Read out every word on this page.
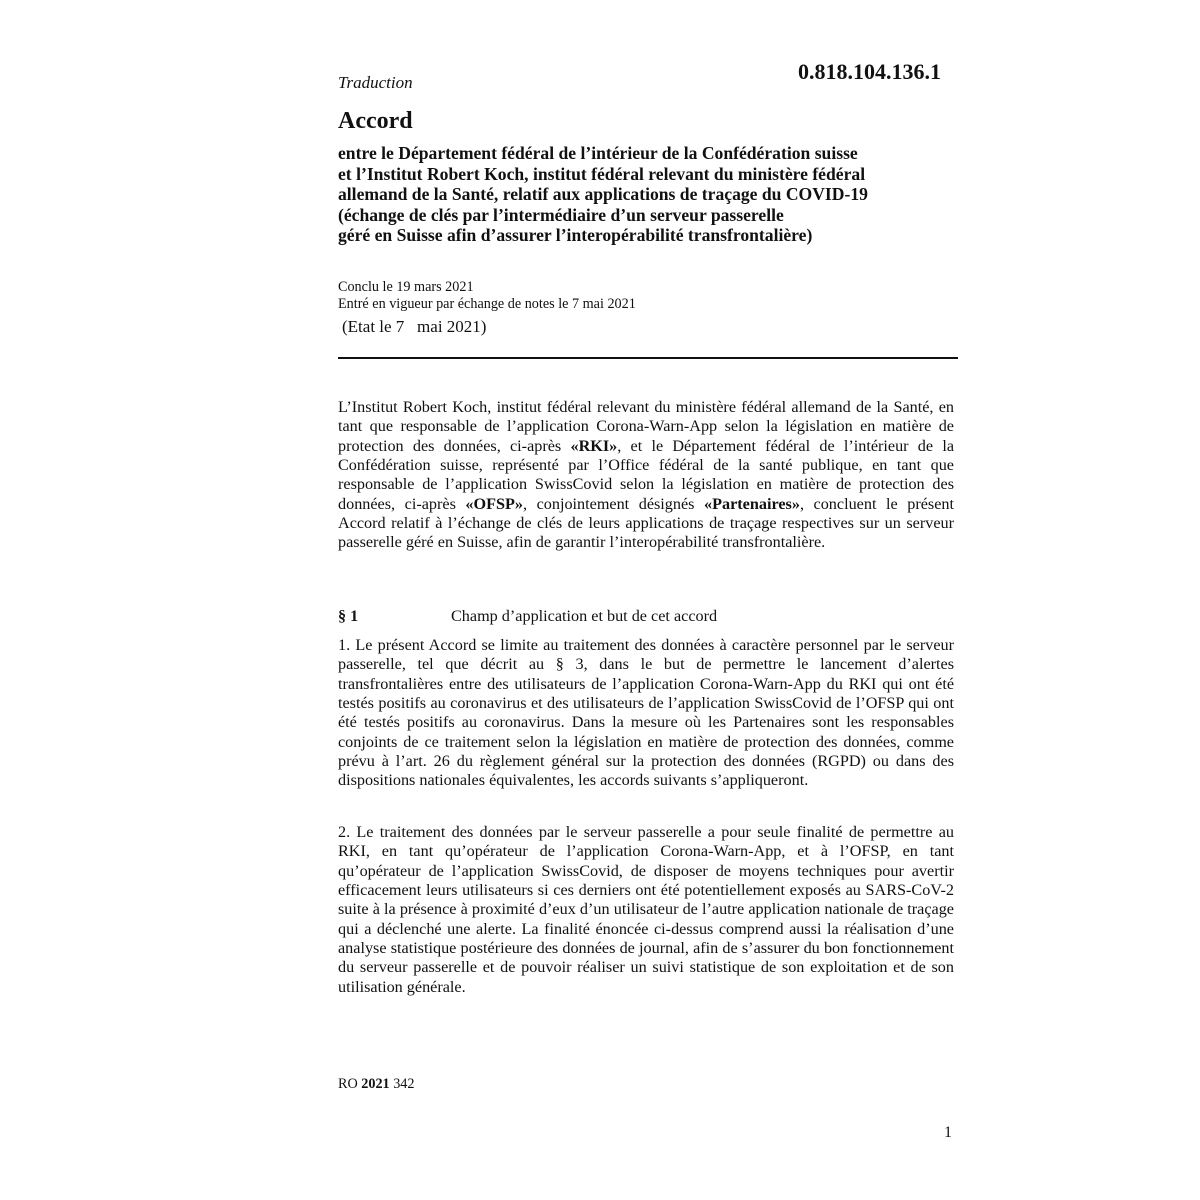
Traduction	0.818.104.136.1
Accord
entre le Département fédéral de l’intérieur de la Confédération suisse
et l’Institut Robert Koch, institut fédéral relevant du ministère fédéral
allemand de la Santé, relatif aux applications de traçage du COVID-19
(échange de clés par l’intermédiaire d’un serveur passerelle
géré en Suisse afin d’assurer l’interopérabilité transfrontalière)
Conclu le 19 mars 2021
Entré en vigueur par échange de notes le 7 mai 2021
(Etat le 7   mai 2021)

L’Institut Robert Koch, institut fédéral relevant du ministère fédéral allemand de la Santé, en tant que responsable de l’application Corona-Warn-App selon la législation en matière de protection des données, ci-après «RKI», et le Département fédéral de l’intérieur de la Confédération suisse, représenté par l’Office fédéral de la santé publique, en tant que responsable de l’application SwissCovid selon la législation en matière de protection des données, ci-après «OFSP», conjointement désignés «Partenaires», concluent le présent Accord relatif à l’échange de clés de leurs applications de traçage respectives sur un serveur passerelle géré en Suisse, afin de garantir l’interopérabilité transfrontalière.

§ 1	Champ d’application et but de cet accord

1. Le présent Accord se limite au traitement des données à caractère personnel par le serveur passerelle, tel que décrit au § 3, dans le but de permettre le lancement d’alertes transfrontalières entre des utilisateurs de l’application Corona-Warn-App du RKI qui ont été testés positifs au coronavirus et des utilisateurs de l’application SwissCovid de l’OFSP qui ont été testés positifs au coronavirus. Dans la mesure où les Partenaires sont les responsables conjoints de ce traitement selon la législation en matière de protection des données, comme prévu à l’art. 26 du règlement général sur la protection des données (RGPD) ou dans des dispositions nationales équivalentes, les accords suivants s’appliqueront.

2. Le traitement des données par le serveur passerelle a pour seule finalité de permettre au RKI, en tant qu’opérateur de l’application Corona-Warn-App, et à l’OFSP, en tant qu’opérateur de l’application SwissCovid, de disposer de moyens techniques pour avertir efficacement leurs utilisateurs si ces derniers ont été potentiellement exposés au SARS-CoV-2 suite à la présence à proximité d’eux d’un utilisateur de l’autre application nationale de traçage qui a déclenché une alerte. La finalité énoncée ci-dessus comprend aussi la réalisation d’une analyse statistique postérieure des données de journal, afin de s’assurer du bon fonctionnement du serveur passerelle et de pouvoir réaliser un suivi statistique de son exploitation et de son utilisation générale.

RO 2021 342
1
